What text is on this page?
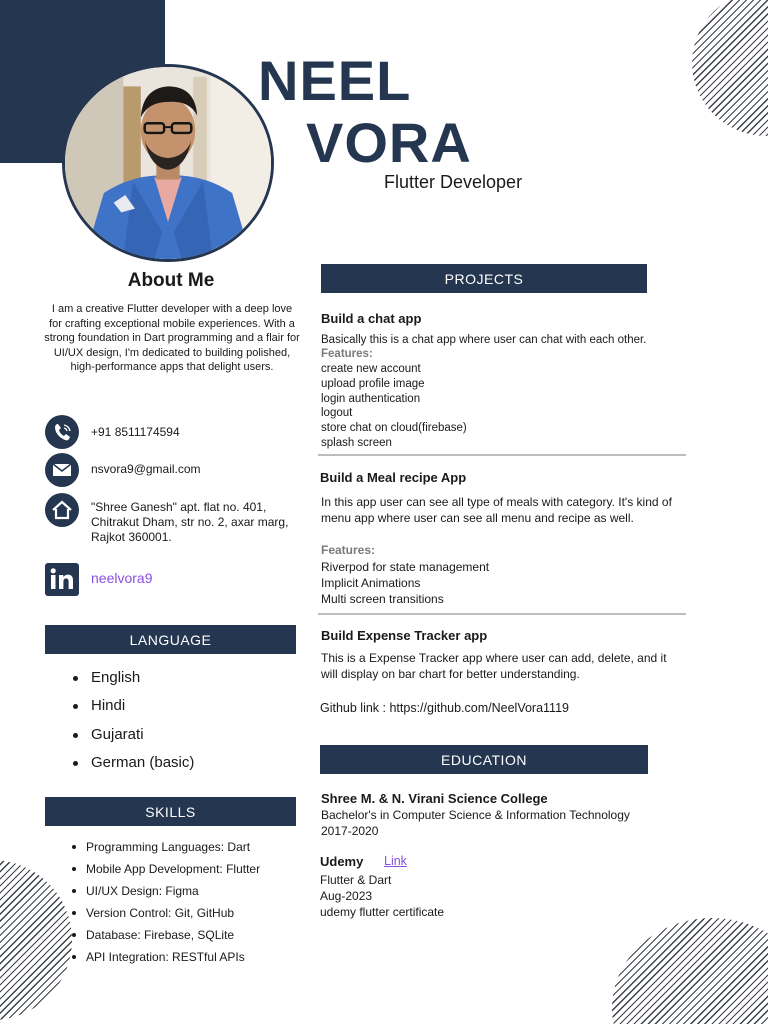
NEEL
VORA
Flutter Developer
About Me
I am a creative Flutter developer with a deep love for crafting exceptional mobile experiences. With a strong foundation in Dart programming and a flair for UI/UX design, I'm dedicated to building polished, high-performance apps that delight users.
+91 8511174594
nsvora9@gmail.com
"Shree Ganesh" apt. flat no. 401, Chitrakut Dham, str no. 2, axar marg, Rajkot 360001.
neelvora9
LANGUAGE
English
Hindi
Gujarati
German (basic)
SKILLS
Programming Languages: Dart
Mobile App Development: Flutter
UI/UX Design: Figma
Version Control: Git, GitHub
Database: Firebase, SQLite
API Integration: RESTful APIs
PROJECTS
Build a chat app
Basically this is a chat app where user can chat with each other.
Features:
create new account
upload profile image
login authentication
logout
store chat on cloud(firebase)
splash screen
Build a Meal recipe App
In this app user can see all type of meals with category. It's kind of menu app where user can see all menu and recipe as well.
Features:
Riverpod for state management
Implicit Animations
Multi screen transitions
Build Expense Tracker app
This is a Expense Tracker app where user can add, delete, and it will display on bar chart for better understanding.
Github link : https://github.com/NeelVora1119
EDUCATION
Shree M. & N. Virani Science College
Bachelor's in Computer Science & Information Technology
2017-2020
Udemy Link
Flutter & Dart
Aug-2023
udemy flutter certificate
